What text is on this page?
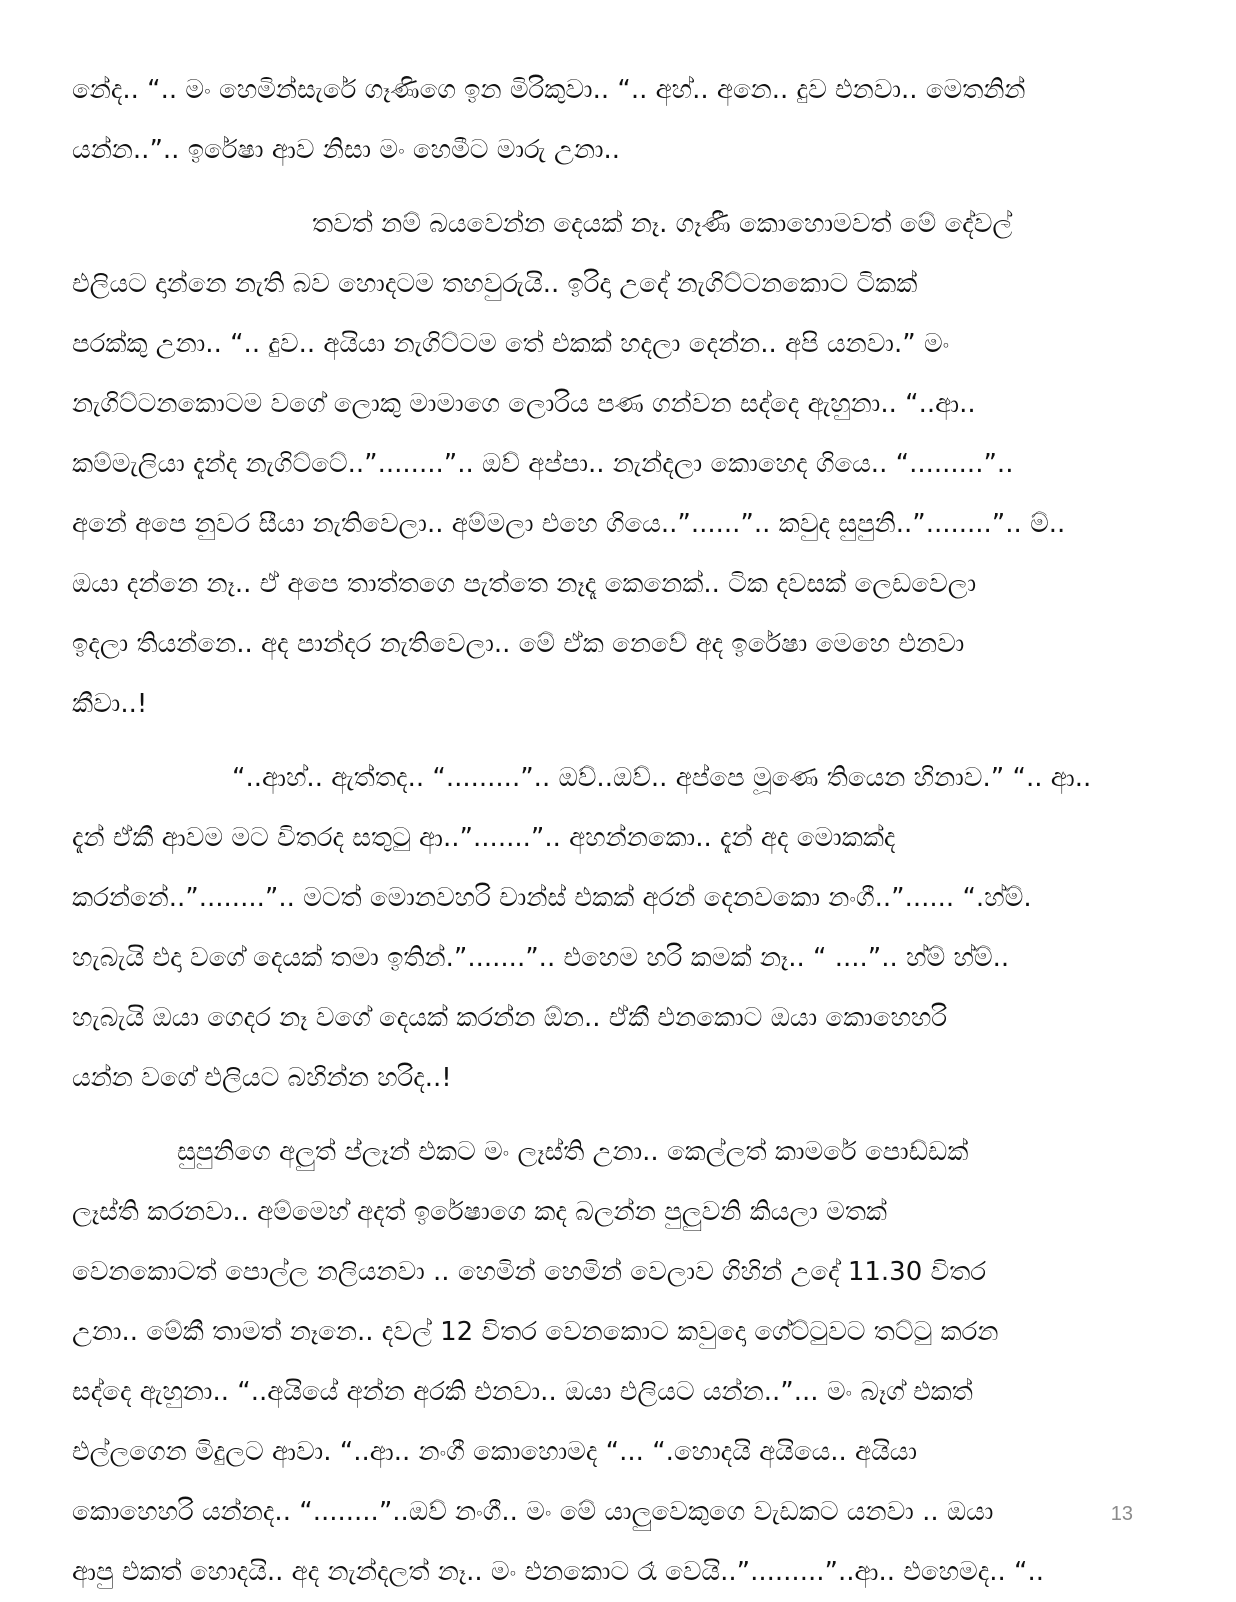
නේද.. “.. මං හෙමින්සැරේ ගෑණිගෙ ඉන මිරිකුවා.. “.. අහ්.. අනෙ.. දුව එනවා.. මෙතනින්
යන්න..”.. ඉරේෂා ආව නිසා මං හෙමීට මාරු උනා..
තවත් නම් බයවෙන්න දෙයක් නෑ. ගෑණී කොහොමවත් මේ දේවල්
එලියට දාන්නෙ නැති බව හොදටම තහවුරුයි.. ඉරිදා උදේ නැගිට්ටනකොට ටිකක්
පරක්කු උනා.. “.. දුව.. අයියා නැගිට්ටම තේ එකක් හදලා දෙන්න.. අපි යනවා.” මං
නැගිට්ටනකොටම වගේ ලොකු මාමාගෙ ලොරිය පණ ගන්වන සද්දෙ ඇහුනා.. “..ආ..
කම්මැලියා දැන්ද නැගිට්ටේ..”........”.. ඔව් අප්පා.. නැන්දලා කොහෙද ගියෙ.. “.........”..
අනේ අපෙ නුවර සීයා නැතිවෙලා.. අම්මලා එහෙ ගියෙ..”......”.. කවුද සුපුනි..”........”.. ම්..
ඔයා දන්නෙ නෑ.. ඒ අපෙ තාත්තගෙ පැත්තෙ නෑදෑ කෙනෙක්.. ටික දවසක් ලෙඩවෙලා
ඉදලා තියන්නෙ.. අද පාන්දර නැතිවෙලා.. මේ ඒක නෙවේ අද ඉරේෂා මෙහෙ එනවා
කීවා..!
“..ආහ්.. ඇත්තද.. “.........”.. ඔව්..ඔව්.. අප්පෙ මූණෙ තියෙන හිනාව.” “.. ආ..
දැන් ඒකී ආවම මට විතරද සතුටු ආ..”.......”.. අහන්නකො.. දැන් අද මොකක්ද
කරන්නේ..”........”.. මටත් මොනවහරි චාන්ස් එකක් අරන් දෙනවකො නංගී..”...... “.හ්ම්.
හැබැයි එදා වගේ දෙයක් තමා ඉතින්.”.......”.. එහෙම හරි කමක් නෑ.. “ ....”.. හ්ම් හ්ම්..
හැබැයි ඔයා ගෙදර නෑ වගේ දෙයක් කරන්න ඕන.. ඒකී එනකොට ඔයා කොහෙහරි
යන්න වගේ එලියට බහින්න හරිද..!
සුපුනිගෙ අලුත් ප්ලෑන් එකට මං ලෑස්ති උනා.. කෙල්ලත් කාමරේ පොඩ්ඩක්
ලෑස්ති කරනවා.. අම්මෙහ් අදත් ඉරේෂාගෙ කද බලන්න පුලුවනි කියලා මතක්
වෙනකොටත් පොල්ල නලියනවා .. හෙමින් හෙමින් වෙලාව ගිහින් උදේ 11.30 විතර
උනා.. මේකී තාමත් නෑනෙ.. දවල් 12 විතර වෙනකොට කවුදො ගේට්ටුවට තට්ටු කරන
සද්දෙ ඇහුනා.. “..අයියේ අන්න අරකි එනවා.. ඔයා එලියට යන්න..”... මං බෑග් එකත්
එල්ලගෙන මිදුලට ආවා. “..ආ.. නංගී කොහොමද “... “.හොදයි අයියෙ.. අයියා
කොහෙහරි යන්නද.. “........”..ඔව් නංගී.. මං මේ යාලුවෙකුගෙ වැඩකට යනවා .. ඔයා
ආපු එකත් හොදයි.. අද නැන්දලත් නෑ.. මං එනකොට රෑ වෙයි..”.........”..ආ.. එහෙමද.. “..
13
